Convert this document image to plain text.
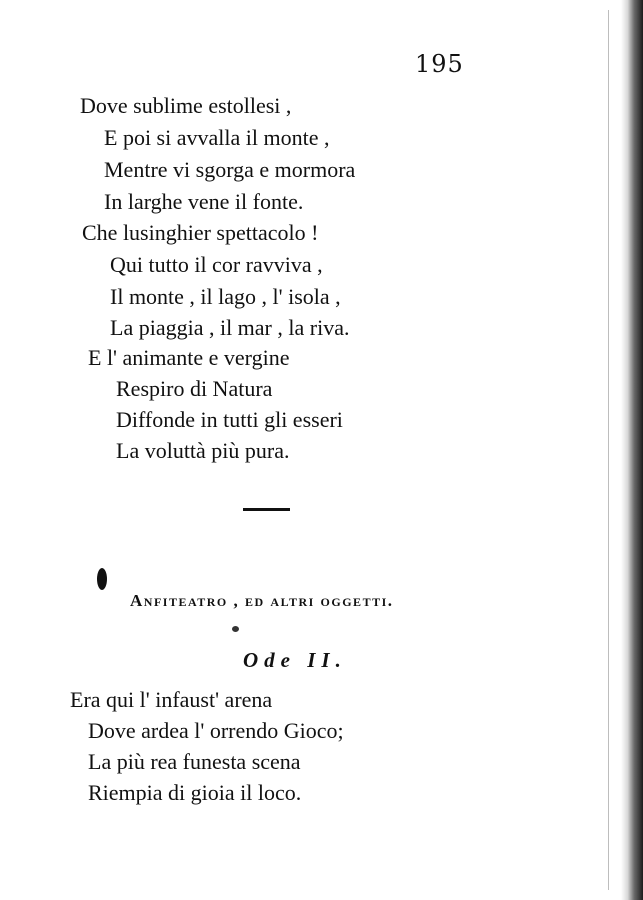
195
Dove sublime estollesi ,
E poi si avvalla il monte ,
Mentre vi sgorga e mormora
In larghe vene il fonte.
Che lusinghier spettacolo !
Qui tutto il cor ravviva ,
Il monte , il lago , l' isola ,
La piaggia , il mar , la riva.
E l' animante e vergine
Respiro di Natura
Diffonde in tutti gli esseri
La voluttà più pura.
Anfiteatro , ed altri oggetti.
Ode II.
Era qui l' infaust' arena
Dove ardea l' orrendo Gioco;
La più rea funesta scena
Riempia di gioia il loco.
